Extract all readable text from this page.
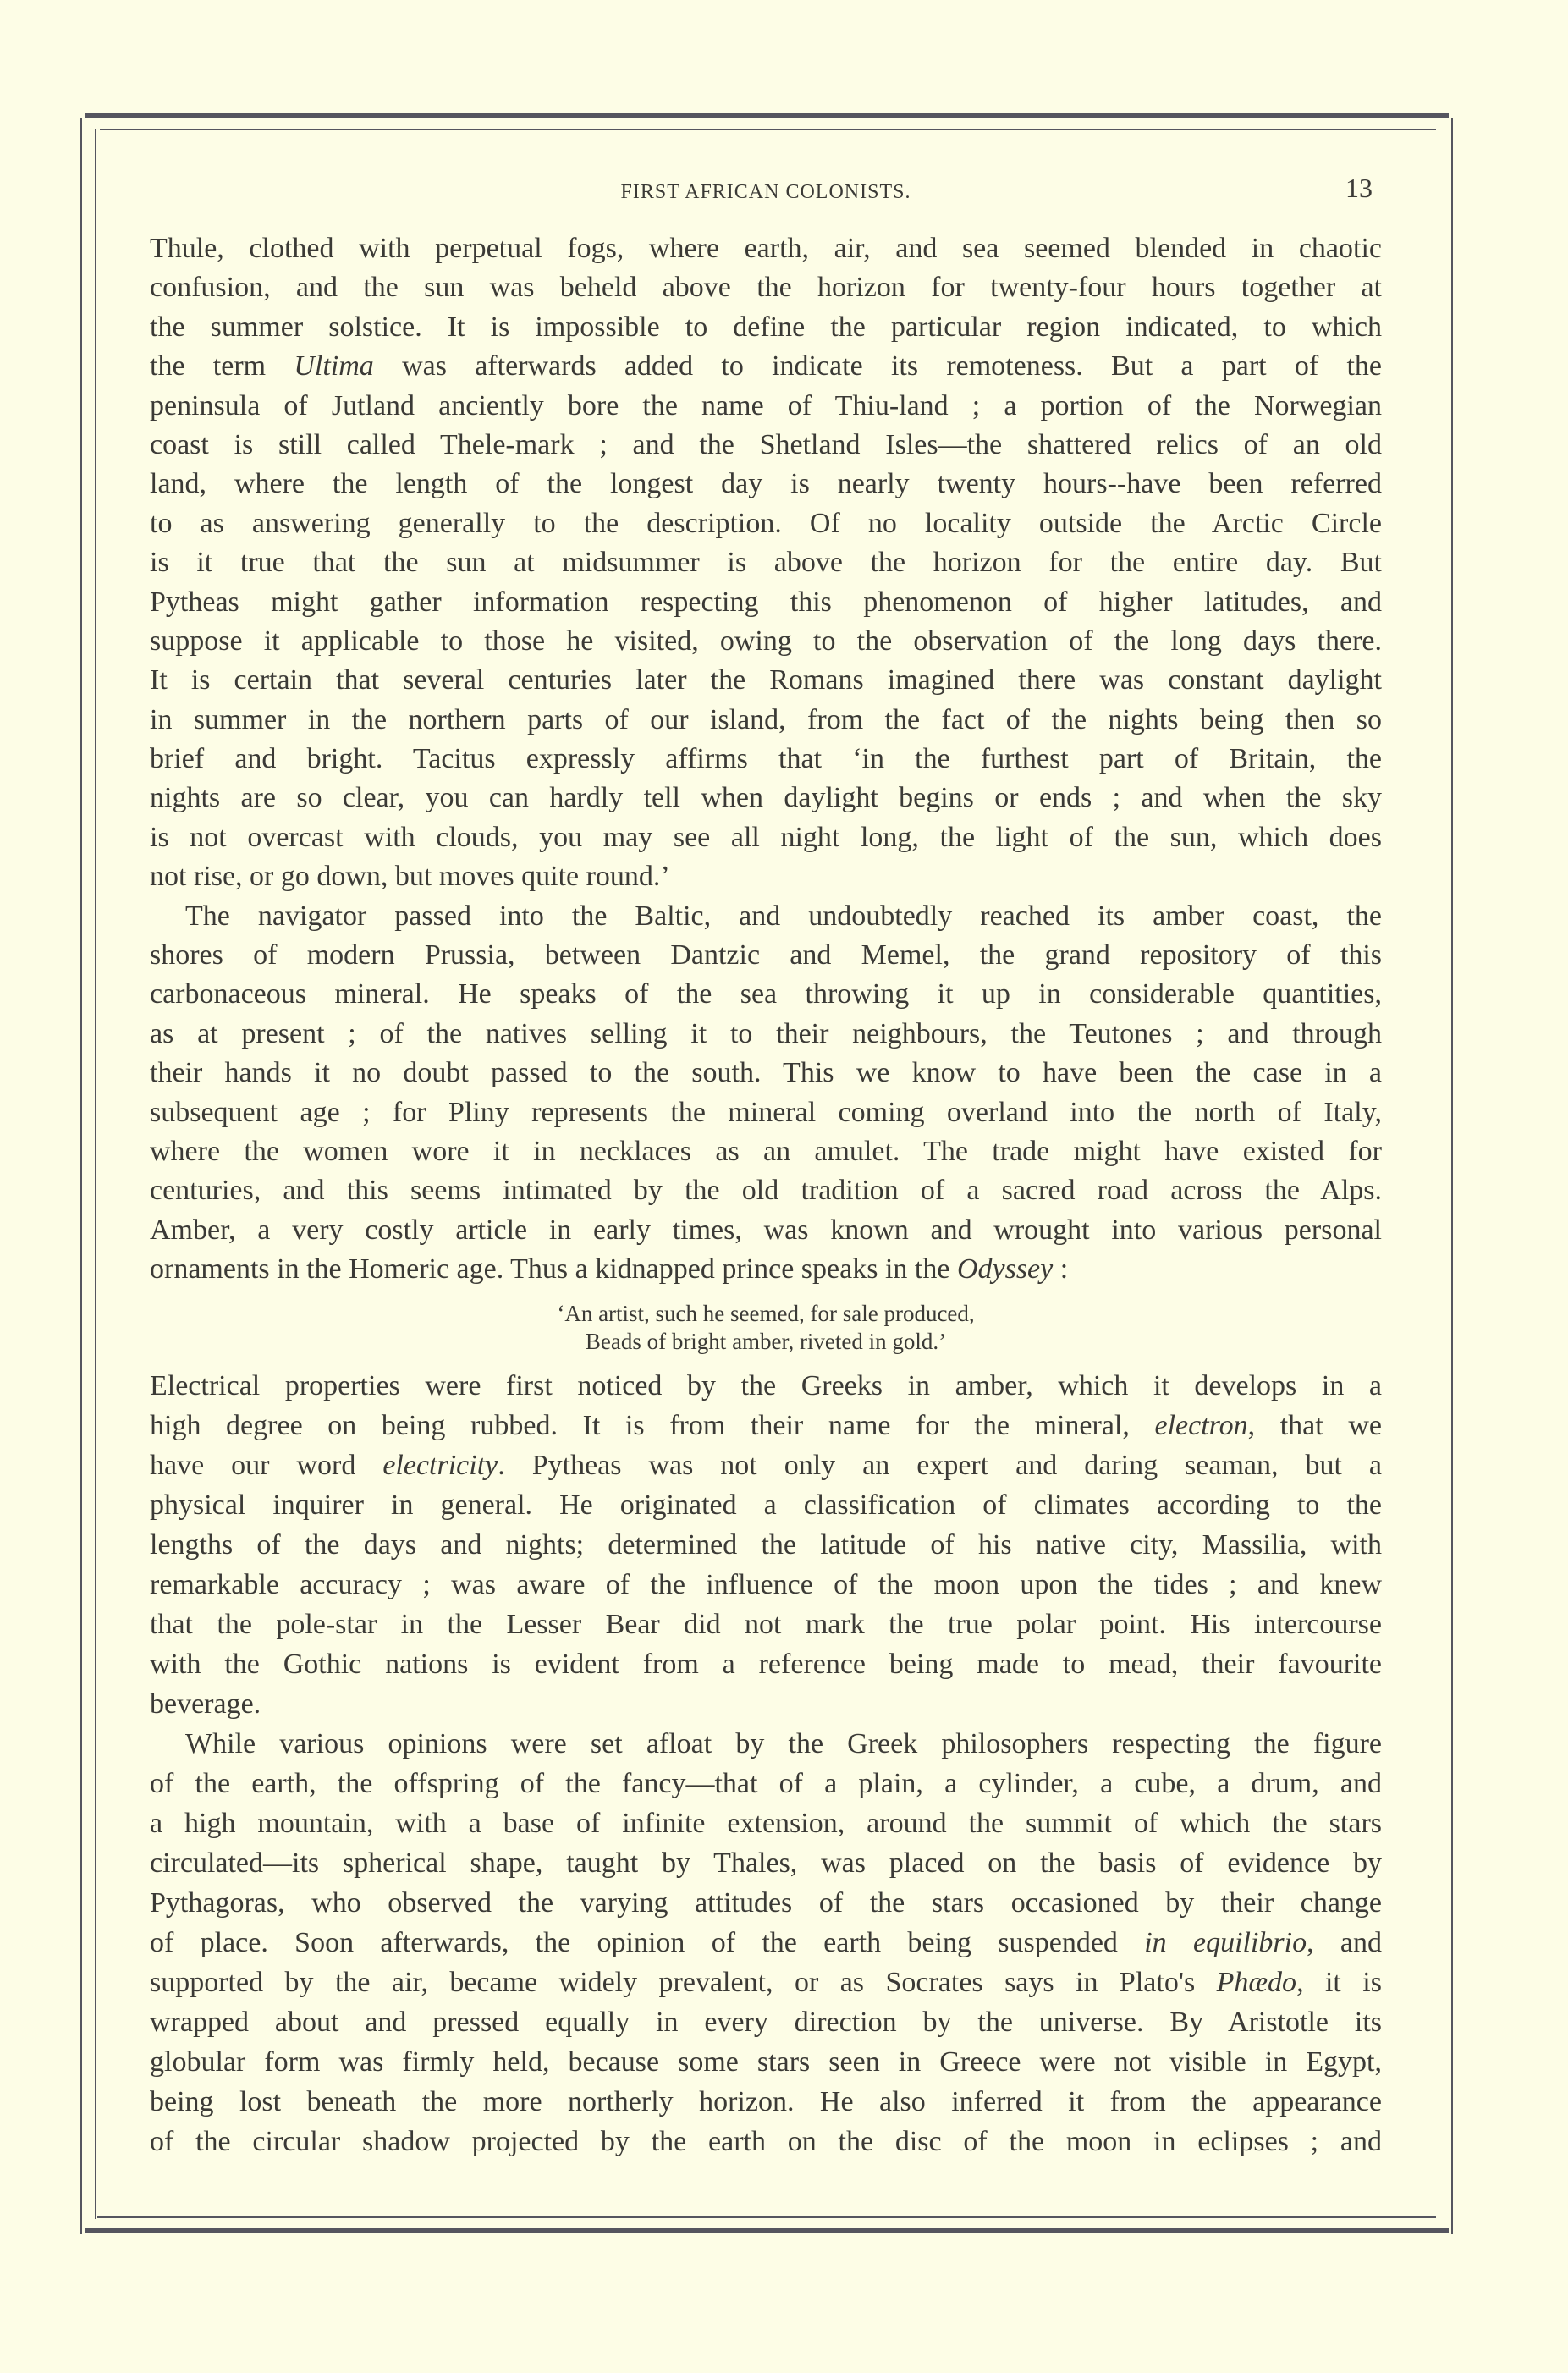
FIRST AFRICAN COLONISTS.	13
Thule, clothed with perpetual fogs, where earth, air, and sea seemed blended in chaotic
confusion, and the sun was beheld above the horizon for twenty-four hours together at
the summer solstice. It is impossible to define the particular region indicated, to which
the term Ultima was afterwards added to indicate its remoteness. But a part of the
peninsula of Jutland anciently bore the name of Thiu-land ; a portion of the Norwegian
coast is still called Thele-mark ; and the Shetland Isles—the shattered relics of an old
land, where the length of the longest day is nearly twenty hours--have been referred
to as answering generally to the description. Of no locality outside the Arctic Circle
is it true that the sun at midsummer is above the horizon for the entire day. But
Pytheas might gather information respecting this phenomenon of higher latitudes, and
suppose it applicable to those he visited, owing to the observation of the long days there.
It is certain that several centuries later the Romans imagined there was constant daylight
in summer in the northern parts of our island, from the fact of the nights being then so
brief and bright. Tacitus expressly affirms that ‘in the furthest part of Britain, the
nights are so clear, you can hardly tell when daylight begins or ends ; and when the sky
is not overcast with clouds, you may see all night long, the light of the sun, which does
not rise, or go down, but moves quite round.’
The navigator passed into the Baltic, and undoubtedly reached its amber coast, the
shores of modern Prussia, between Dantzic and Memel, the grand repository of this
carbonaceous mineral. He speaks of the sea throwing it up in considerable quantities,
as at present ; of the natives selling it to their neighbours, the Teutones ; and through
their hands it no doubt passed to the south. This we know to have been the case in a
subsequent age ; for Pliny represents the mineral coming overland into the north of Italy,
where the women wore it in necklaces as an amulet. The trade might have existed for
centuries, and this seems intimated by the old tradition of a sacred road across the Alps.
Amber, a very costly article in early times, was known and wrought into various personal
ornaments in the Homeric age. Thus a kidnapped prince speaks in the Odyssey :
‘An artist, such he seemed, for sale produced,
Beads of bright amber, riveted in gold.’
Electrical properties were first noticed by the Greeks in amber, which it develops in a
high degree on being rubbed. It is from their name for the mineral, electron, that we
have our word electricity. Pytheas was not only an expert and daring seaman, but a
physical inquirer in general. He originated a classification of climates according to the
lengths of the days and nights; determined the latitude of his native city, Massilia, with
remarkable accuracy ; was aware of the influence of the moon upon the tides ; and knew
that the pole-star in the Lesser Bear did not mark the true polar point. His intercourse
with the Gothic nations is evident from a reference being made to mead, their favourite
beverage.
While various opinions were set afloat by the Greek philosophers respecting the figure
of the earth, the offspring of the fancy—that of a plain, a cylinder, a cube, a drum, and
a high mountain, with a base of infinite extension, around the summit of which the stars
circulated—its spherical shape, taught by Thales, was placed on the basis of evidence by
Pythagoras, who observed the varying attitudes of the stars occasioned by their change
of place. Soon afterwards, the opinion of the earth being suspended in equilibrio, and
supported by the air, became widely prevalent, or as Socrates says in Plato's Phædo, it is
wrapped about and pressed equally in every direction by the universe. By Aristotle its
globular form was firmly held, because some stars seen in Greece were not visible in Egypt,
being lost beneath the more northerly horizon. He also inferred it from the appearance
of the circular shadow projected by the earth on the disc of the moon in eclipses ; and
